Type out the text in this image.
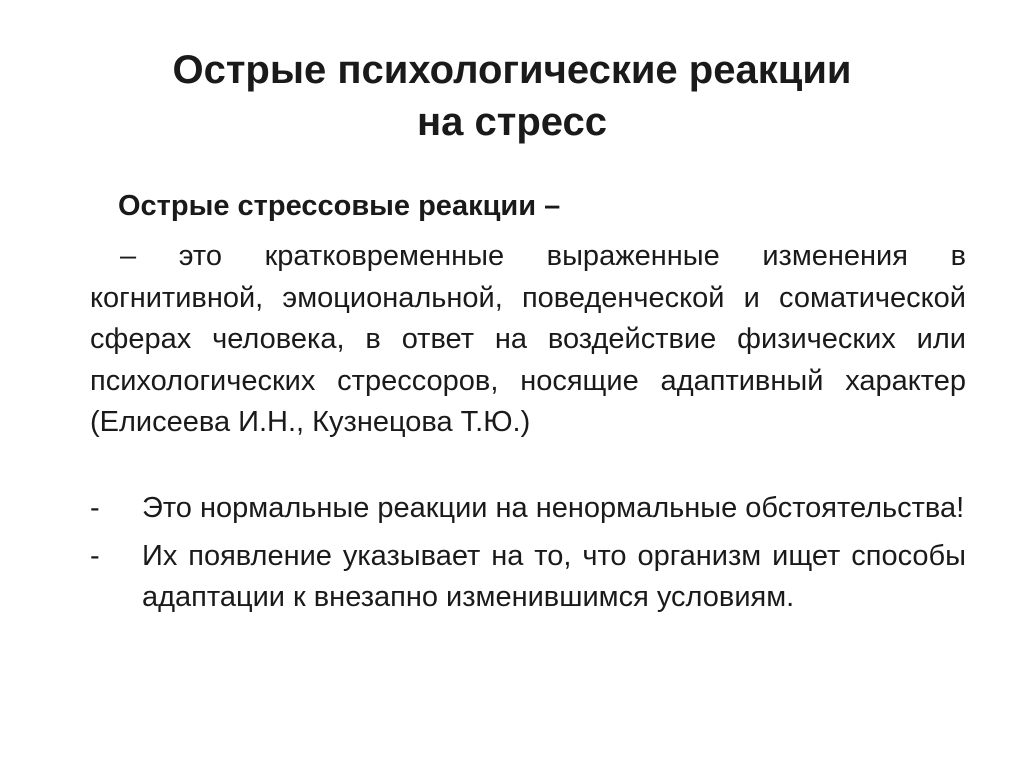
Острые психологические реакции
на стресс

Острые стрессовые реакции –

– это кратковременные выраженные изменения в когнитивной, эмоциональной, поведенческой и соматической сферах человека, в ответ на воздействие физических или психологических стрессоров, носящие адаптивный характер (Елисеева И.Н., Кузнецова Т.Ю.)

-	Это нормальные реакции на ненормальные обстоятельства!
-	Их появление указывает на то, что организм ищет способы адаптации к внезапно изменившимся условиям.
